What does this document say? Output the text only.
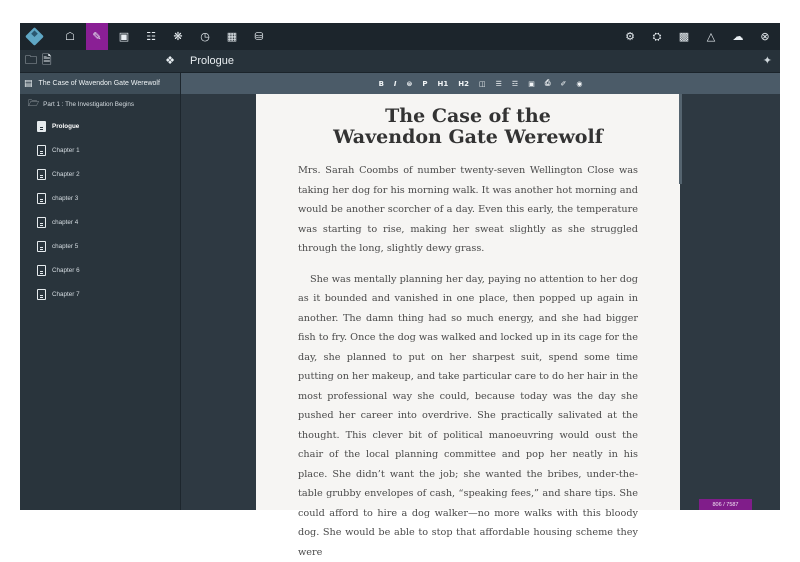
☖	✎	▣	☷	❋	◷	▦	⛁	⚙	⛭	▩	△	☁	⊗
🗀 🗎	❖ Prologue	✦
▤ The Case of Wavendon Gate Werewolf
🗁 Part 1 : The Investigation Begins
Prologue
Chapter 1
Chapter 2
chapter 3
chapter 4
chapter 5
Chapter 6
Chapter 7
B I ⊜ P H1 H2 ◫ ☰ ☲ ▣ ⎙ ✐ ◉
The Case of the
Wavendon Gate Werewolf

Mrs. Sarah Coombs of number twenty-seven Wellington Close was taking her dog for his morning walk. It was another hot morning and would be another scorcher of a day. Even this early, the temperature was starting to rise, making her sweat slightly as she struggled through the long, slightly dewy grass.

She was mentally planning her day, paying no attention to her dog as it bounded and vanished in one place, then popped up again in another. The damn thing had so much energy, and she had bigger fish to fry. Once the dog was walked and locked up in its cage for the day, she planned to put on her sharpest suit, spend some time putting on her makeup, and take particular care to do her hair in the most professional way she could, because today was the day she pushed her career into overdrive. She practically salivated at the thought. This clever bit of political manoeuvring would oust the chair of the local planning committee and pop her neatly in his place. She didn’t want the job; she wanted the bribes, under-the-table grubby envelopes of cash, “speaking fees,” and share tips. She could afford to hire a dog walker—no more walks with this bloody dog. She would be able to stop that affordable housing scheme they were

806 / 7587
